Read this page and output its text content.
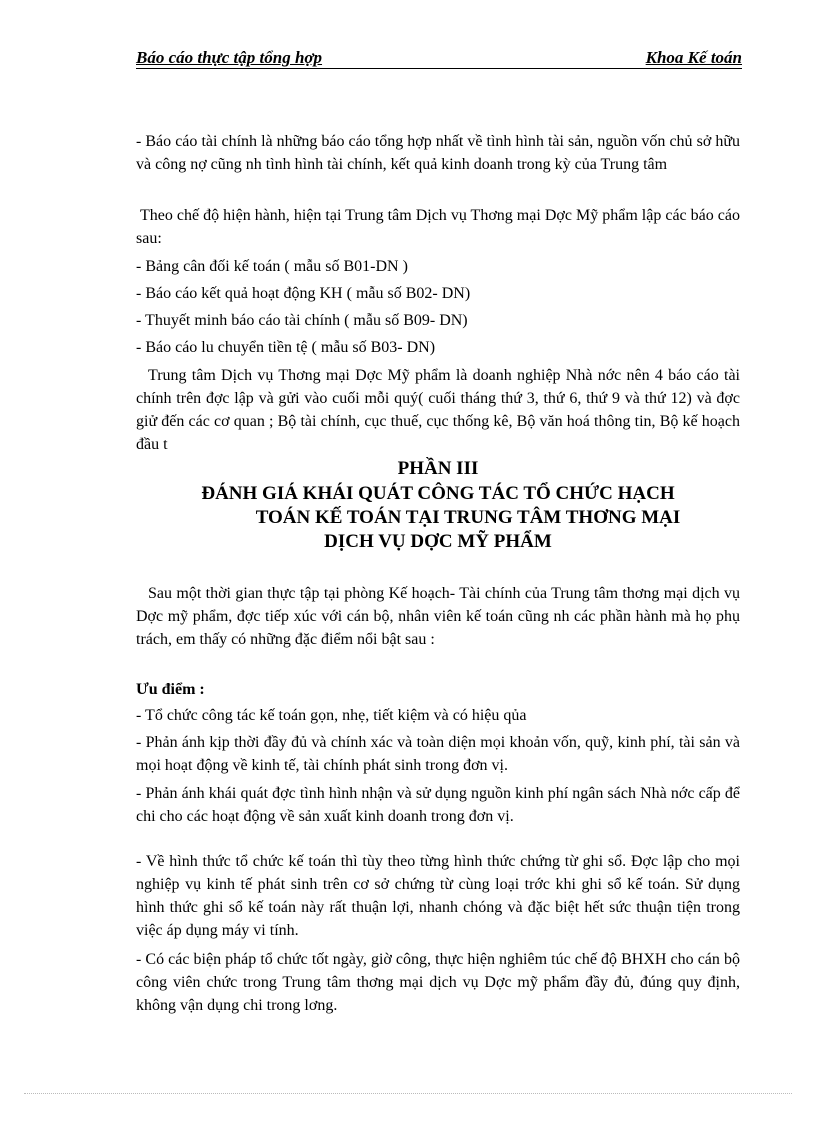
Báo cáo thực tập tổng hợp	Khoa Kế toán

- Báo cáo tài chính là những báo cáo tổng hợp nhất về tình hình tài sản, nguồn vốn chủ sở hữu và công nợ cũng nh tình hình tài chính, kết quả kinh doanh trong kỳ của Trung tâm

Theo chế độ hiện hành, hiện tại Trung tâm Dịch vụ Thơng mại Dợc Mỹ phẩm lập các báo cáo sau:

- Bảng cân đối kế toán ( mẫu số B01-DN )

- Báo cáo kết quả hoạt động KH ( mẫu số B02- DN)

- Thuyết minh báo cáo tài chính ( mẫu số B09- DN)

- Báo cáo lu chuyển tiền tệ ( mẫu số B03- DN)

Trung tâm Dịch vụ Thơng mại Dợc Mỹ phẩm là doanh nghiệp Nhà nớc nên 4 báo cáo tài chính trên đợc lập và gửi vào cuối mỗi quý( cuối tháng thứ 3, thứ 6, thứ 9 và thứ 12) và đợc giử đến các cơ quan ; Bộ tài chính, cục thuế, cục thống kê, Bộ văn hoá thông tin, Bộ kế hoạch đầu t

PHẦN III

ĐÁNH GIÁ KHÁI QUÁT CÔNG TÁC TỔ CHỨC HẠCH

TOÁN KẾ TOÁN TẠI TRUNG TÂM THƠNG MẠI

DỊCH VỤ DỢC MỸ PHẨM

Sau một thời gian thực tập tại phòng Kế hoạch- Tài chính của Trung tâm thơng mại dịch vụ Dợc mỹ phẩm, đợc tiếp xúc với cán bộ, nhân viên kế toán cũng nh các phần hành mà họ phụ trách, em thấy có những đặc điểm nổi bật sau :

Ưu điểm :

- Tổ chức công tác kế toán gọn, nhẹ, tiết kiệm và có hiệu qủa

- Phản ánh kịp thời đầy đủ và chính xác và toàn diện mọi khoản vốn, quỹ, kinh phí, tài sản và mọi hoạt động về kinh tế, tài chính phát sinh trong đơn vị.

- Phản ánh khái quát đợc tình hình nhận và sử dụng nguồn kinh phí ngân sách Nhà nớc cấp để chi cho các hoạt động về sản xuất kinh doanh trong đơn vị.

- Về hình thức tổ chức kế toán thì tùy theo từng hình thức chứng từ ghi sổ. Đợc lập cho mọi nghiệp vụ kinh tế phát sinh trên cơ sở chứng từ cùng loại trớc khi ghi sổ kế toán. Sử dụng hình thức ghi sổ kế toán này rất thuận lợi, nhanh chóng và đặc biệt hết sức thuận tiện trong việc áp dụng máy vi tính.

- Có các biện pháp tổ chức tốt ngày, giờ công, thực hiện nghiêm túc chế độ BHXH cho cán bộ công viên chức trong Trung tâm thơng mại dịch vụ Dợc mỹ phẩm đầy đủ, đúng quy định, không vận dụng chi trong lơng.
